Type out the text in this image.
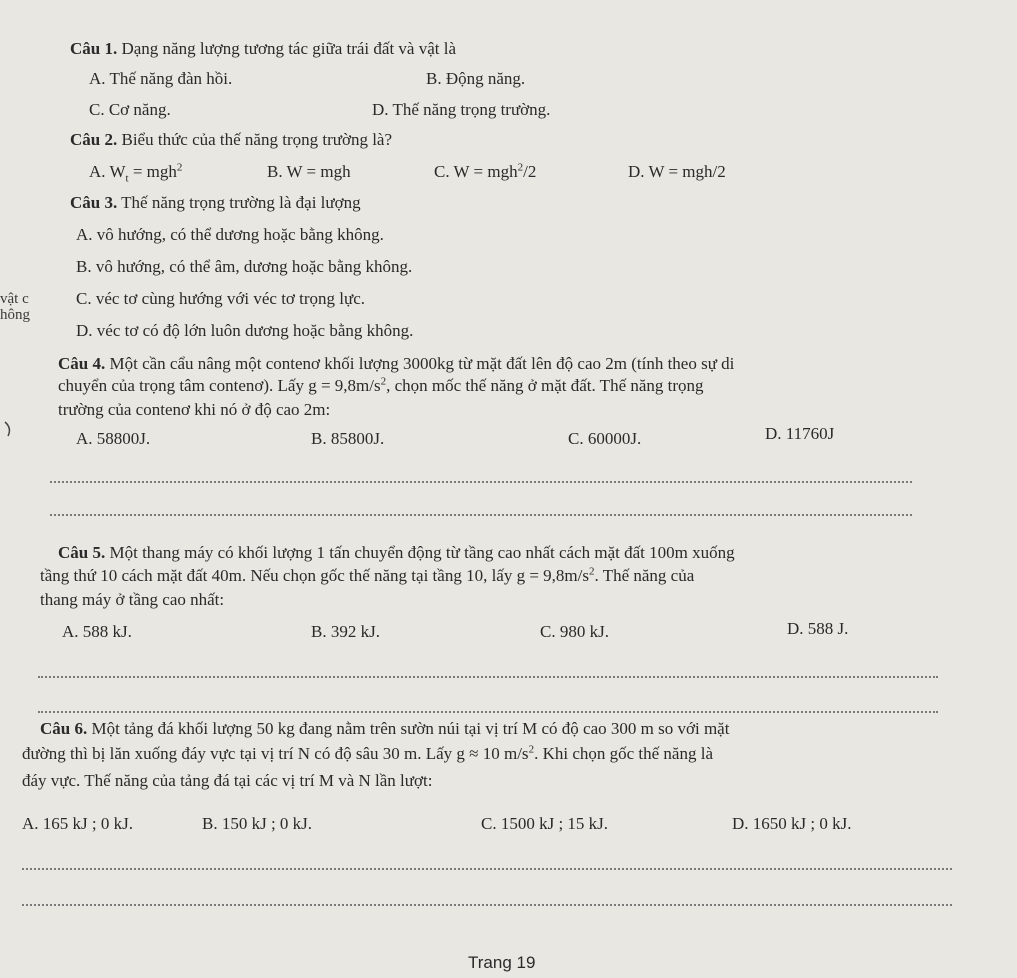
Câu 1. Dạng năng lượng tương tác giữa trái đất và vật là
A. Thế năng đàn hồi.	B. Động năng.
C. Cơ năng.	D. Thế năng trọng trường.
Câu 2. Biểu thức của thế năng trọng trường là?
A. $W_t = mgh^2$	B. W = mgh	C. W = mgh$^2$/2	D. W = mgh/2
Câu 3. Thế năng trọng trường là đại lượng
A. vô hướng, có thể dương hoặc bằng không.
B. vô hướng, có thể âm, dương hoặc bằng không.
C. véc tơ cùng hướng với véc tơ trọng lực.
D. véc tơ có độ lớn luôn dương hoặc bằng không.
vật c
hông
Câu 4. Một cần cẩu nâng một contenơ khối lượng 3000kg từ mặt đất lên độ cao 2m (tính theo sự di
chuyển của trọng tâm contenơ). Lấy $g = 9,8m/s^2$, chọn mốc thế năng ở mặt đất. Thế năng trọng
trường của contenơ khi nó ở độ cao 2m:
A. 58800J.	B. 85800J.	C. 60000J.	D. 11760J
Câu 5. Một thang máy có khối lượng 1 tấn chuyển động từ tầng cao nhất cách mặt đất 100m xuống
tầng thứ 10 cách mặt đất 40m. Nếu chọn gốc thế năng tại tầng 10, lấy $g = 9,8m/s^2$. Thế năng của
thang máy ở tầng cao nhất:
A. 588 kJ.	B. 392 kJ.	C. 980 kJ.	D. 588 J.
Câu 6. Một tảng đá khối lượng 50 kg đang nằm trên sườn núi tại vị trí M có độ cao 300 m so với mặt
đường thì bị lăn xuống đáy vực tại vị trí N có độ sâu 30 m. Lấy g ≈ 10 $m/s^2$. Khi chọn gốc thế năng là
đáy vực. Thế năng của tảng đá tại các vị trí M và N lần lượt:
A. 165 kJ ; 0 kJ.	B. 150 kJ ; 0 kJ.	C. 1500 kJ ; 15 kJ.	D. 1650 kJ ; 0 kJ.
Trang 19
